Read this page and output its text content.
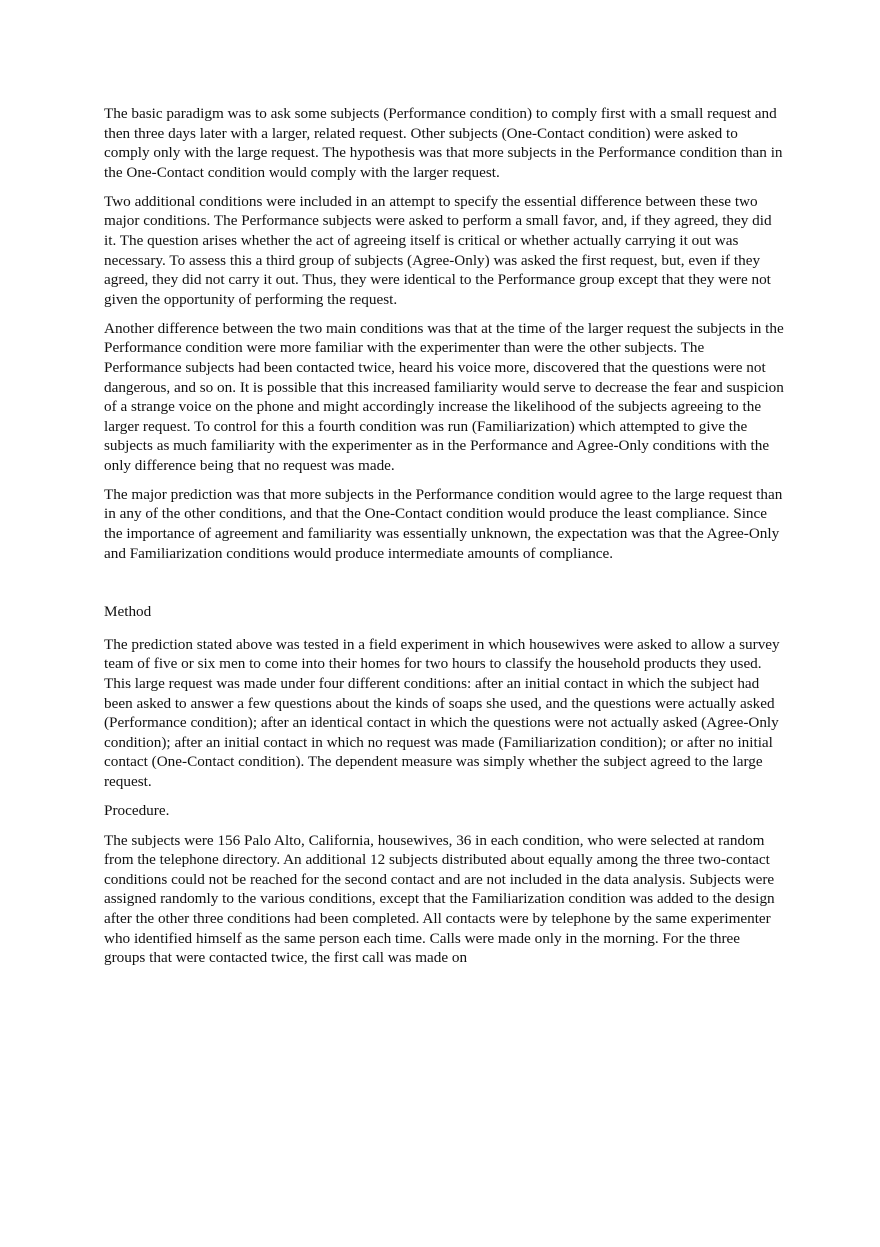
The basic paradigm was to ask some subjects (Performance condition) to comply first with a small request and then three days later with a larger, related request. Other subjects (One-Contact condition) were asked to comply only with the large request. The hypothesis was that more subjects in the Performance condition than in the One-Contact condition would comply with the larger request.

Two additional conditions were included in an attempt to specify the essential difference between these two major conditions. The Performance subjects were asked to perform a small favor, and, if they agreed, they did it. The question arises whether the act of agreeing itself is critical or whether actually carrying it out was necessary. To assess this a third group of subjects (Agree-Only) was asked the first request, but, even if they agreed, they did not carry it out. Thus, they were identical to the Performance group except that they were not given the opportunity of performing the request.

Another difference between the two main conditions was that at the time of the larger request the subjects in the Performance condition were more familiar with the experimenter than were the other subjects. The Performance subjects had been contacted twice, heard his voice more, discovered that the questions were not dangerous, and so on. It is possible that this increased familiarity would serve to decrease the fear and suspicion of a strange voice on the phone and might accordingly increase the likelihood of the subjects agreeing to the larger request. To control for this a fourth condition was run (Familiarization) which attempted to give the subjects as much familiarity with the experimenter as in the Performance and Agree-Only conditions with the only difference being that no request was made.

The major prediction was that more subjects in the Performance condition would agree to the large request than in any of the other conditions, and that the One-Contact condition would produce the least compliance. Since the importance of agreement and familiarity was essentially unknown, the expectation was that the Agree-Only and Familiarization conditions would produce intermediate amounts of compliance.

Method

The prediction stated above was tested in a field experiment in which housewives were asked to allow a survey team of five or six men to come into their homes for two hours to classify the household products they used. This large request was made under four different conditions: after an initial contact in which the subject had been asked to answer a few questions about the kinds of soaps she used, and the questions were actually asked (Performance condition); after an identical contact in which the questions were not actually asked (Agree-Only condition); after an initial contact in which no request was made (Familiarization condition); or after no initial contact (One-Contact condition). The dependent measure was simply whether the subject agreed to the large request.

Procedure.

The subjects were 156 Palo Alto, California, housewives, 36 in each condition, who were selected at random from the telephone directory. An additional 12 subjects distributed about equally among the three two-contact conditions could not be reached for the second contact and are not included in the data analysis. Subjects were assigned randomly to the various conditions, except that the Familiarization condition was added to the design after the other three conditions had been completed. All contacts were by telephone by the same experimenter who identified himself as the same person each time. Calls were made only in the morning. For the three groups that were contacted twice, the first call was made on
